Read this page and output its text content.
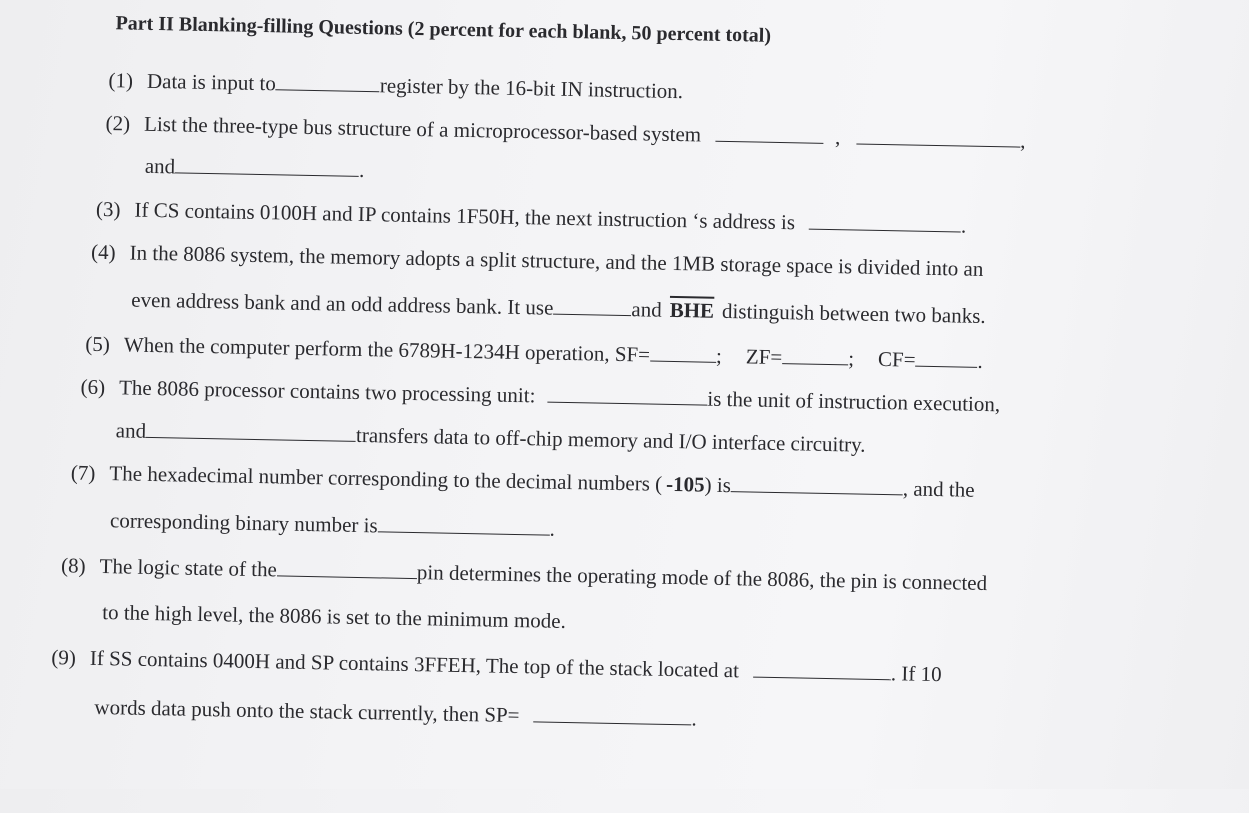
Part II Blanking-filling Questions (2 percent for each blank, 50 percent total)
(1) Data is input to	register by the 16-bit IN instruction.
(2) List the three-type bus structure of a microprocessor-based system	,	,
and	.
(3) If CS contains 0100H and IP contains 1F50H, the next instruction ‘s address is	.
(4) In the 8086 system, the memory adopts a split structure, and the 1MB storage space is divided into an
even address bank and an odd address bank. It use	and $\overline{BHE}$ distinguish between two banks.
(5) When the computer perform the 6789H-1234H operation, SF=	; ZF=	; CF=	.
(6) The 8086 processor contains two processing unit:	is the unit of instruction execution,
and	transfers data to off-chip memory and I/O interface circuitry.
(7) The hexadecimal number corresponding to the decimal numbers ( -105) is	, and the
corresponding binary number is	.
(8) The logic state of the	pin determines the operating mode of the 8086, the pin is connected
to the high level, the 8086 is set to the minimum mode.
(9) If SS contains 0400H and SP contains 3FFEH, The top of the stack located at	. If 10
words data push onto the stack currently, then SP=	.
